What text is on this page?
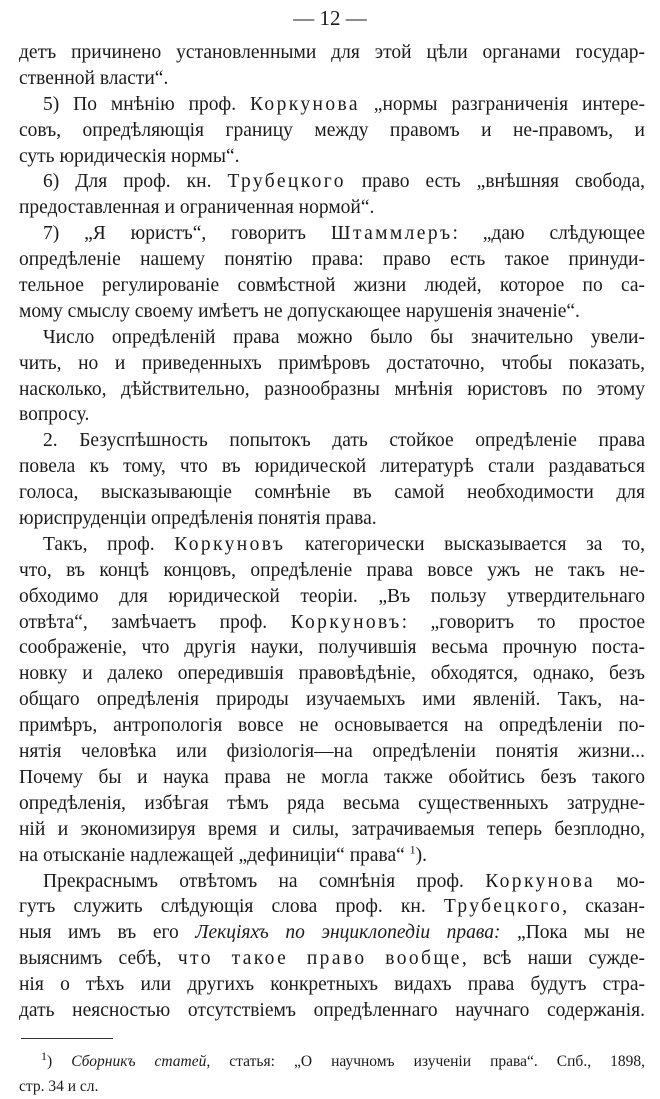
— 12 —
детъ причинено установленными для этой цѣли органами государ-
ственной власти“.
5) По мнѣнію проф. Коркунова „нормы разграниченія интере-
совъ, опредѣляющія границу между правомъ и не-правомъ, и
суть юридическія нормы“.
6) Для проф. кн. Трубецкого право есть „внѣшняя свобода,
предоставленная и ограниченная нормой“.
7) „Я юристъ“, говоритъ Штаммлеръ: „даю слѣдующее
опредѣленіе нашему понятію права: право есть такое принуди-
тельное регулированіе совмѣстной жизни людей, которое по са-
мому смыслу своему имѣетъ не допускающее нарушенія значеніе“.
Число опредѣленій права можно было бы значительно увели-
чить, но и приведенныхъ примѣровъ достаточно, чтобы показать,
насколько, дѣйствительно, разнообразны мнѣнія юристовъ по этому
вопросу.
2. Безуспѣшность попытокъ дать стойкое опредѣленіе права
повела къ тому, что въ юридической литературѣ стали раздаваться
голоса, высказывающіе сомнѣніе въ самой необходимости для
юриспруденціи опредѣленія понятія права.
Такъ, проф. Коркуновъ категорически высказывается за то,
что, въ концѣ концовъ, опредѣленіе права вовсе ужъ не такъ не-
обходимо для юридической теоріи. „Въ пользу утвердительнаго
отвѣта“, замѣчаетъ проф. Коркуновъ: „говоритъ то простое
соображеніе, что другія науки, получившія весьма прочную поста-
новку и далеко опередившія правовѣдѣніе, обходятся, однако, безъ
общаго опредѣленія природы изучаемыхъ ими явленій. Такъ, на-
примѣръ, антропологія вовсе не основывается на опредѣленіи по-
нятія человѣка или физіологія—на опредѣленіи понятія жизни...
Почему бы и наука права не могла также обойтись безъ такого
опредѣленія, избѣгая тѣмъ ряда весьма существенныхъ затрудне-
ній и экономизируя время и силы, затрачиваемыя теперь безплодно,
на отысканіе надлежащей „дефиниціи“ права“ $^1$).
Прекраснымъ отвѣтомъ на сомнѣнія проф. Коркунова мо-
гутъ служить слѣдующія слова проф. кн. Трубецкого, сказан-
ныя имъ въ его Лекціяхъ по энциклопедіи права: „Пока мы не
выяснимъ себѣ, что такое право вообще, всѣ наши сужде-
нія о тѣхъ или другихъ конкретныхъ видахъ права будутъ стра-
дать неясностью отсутствіемъ опредѣленнаго научнаго содержанія.
$^1$) Сборникъ статей, статья: „О научномъ изученіи права“. Спб., 1898,
стр. 34 и сл.
